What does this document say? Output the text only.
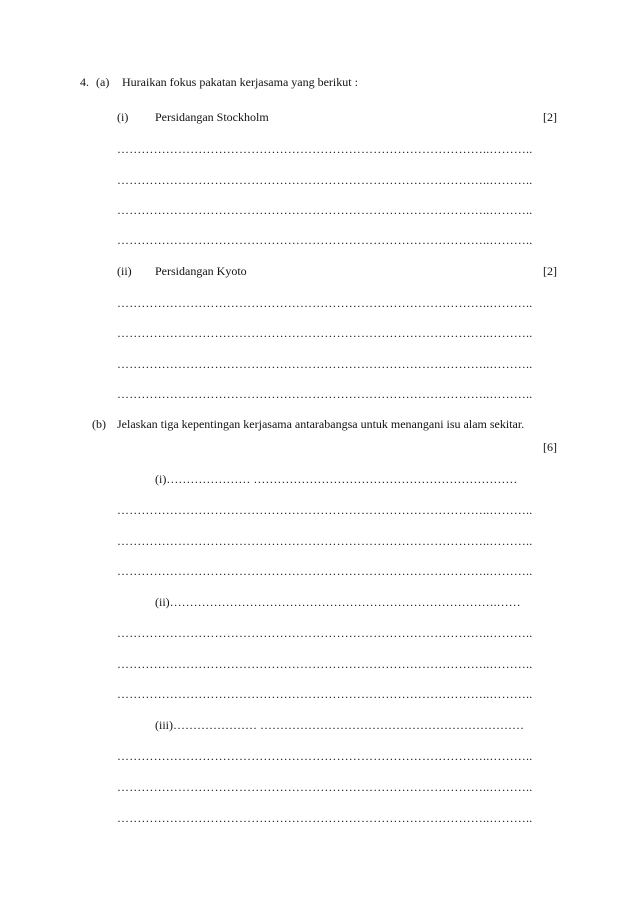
4. (a) Huraikan fokus pakatan kerjasama yang berikut :
(i) Persidangan Stockholm	[2]
………………………………………………………………………………..………..
………………………………………………………………………………..………..
………………………………………………………………………………..………..
………………………………………………………………………………..………..
(ii) Persidangan Kyoto	[2]
………………………………………………………………………………..………..
………………………………………………………………………………..………..
………………………………………………………………………………..………..
………………………………………………………………………………..………..
(b) Jelaskan tiga kepentingan kerjasama antarabangsa untuk menangani isu alam sekitar.
[6]
(i)………………… …………………………………………………………
………………………………………………………………………………..………..
………………………………………………………………………………..………..
………………………………………………………………………………..………..
(ii)……………………………………………………………………….……
………………………………………………………………………………..………..
………………………………………………………………………………..………..
………………………………………………………………………………..………..
(iii)………………… …………………………………………………………
………………………………………………………………………………..………..
………………………………………………………………………………..………..
………………………………………………………………………………..………..
